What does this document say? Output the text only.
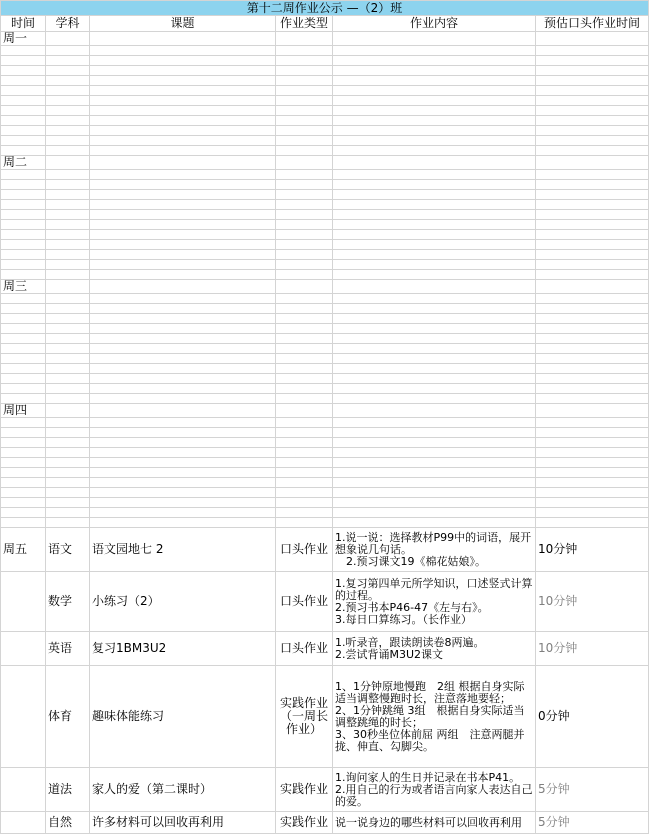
第十二周作业公示 —（2）班					
时间	学科	课题	作业类型	作业内容	预估口头作业时间
周一					

周二					

周三					

周四					

周五	语文	语文园地七 2	口头作业	1.说一说：选择教材P99中的词语，展开想象说几句话。
　2.预习课文19《棉花姑娘》。	10分钟
	数学	小练习（2）	口头作业	1.复习第四单元所学知识，口述竖式计算的过程。
2.预习书本P46-47《左与右》。
3.每日口算练习。（长作业）	10分钟
	英语	复习1BM3U2	口头作业	1.听录音，跟读朗读卷8两遍。
2.尝试背诵M3U2课文	10分钟
	体育	趣味体能练习	实践作业（一周长作业）	1、1分钟原地慢跑　2组 根据自身实际适当调整慢跑时长，注意落地要轻；
2、1分钟跳绳 3组　根据自身实际适当调整跳绳的时长；
3、30秒坐位体前屈 两组　注意两腿并拢、伸直、勾脚尖。	0分钟
	道法	家人的爱（第二课时）	实践作业	1.询问家人的生日并记录在书本P41。
2.用自己的行为或者语言向家人表达自己的爱。	5分钟
	自然	许多材料可以回收再利用	实践作业	说一说身边的哪些材料可以回收再利用	5分钟
